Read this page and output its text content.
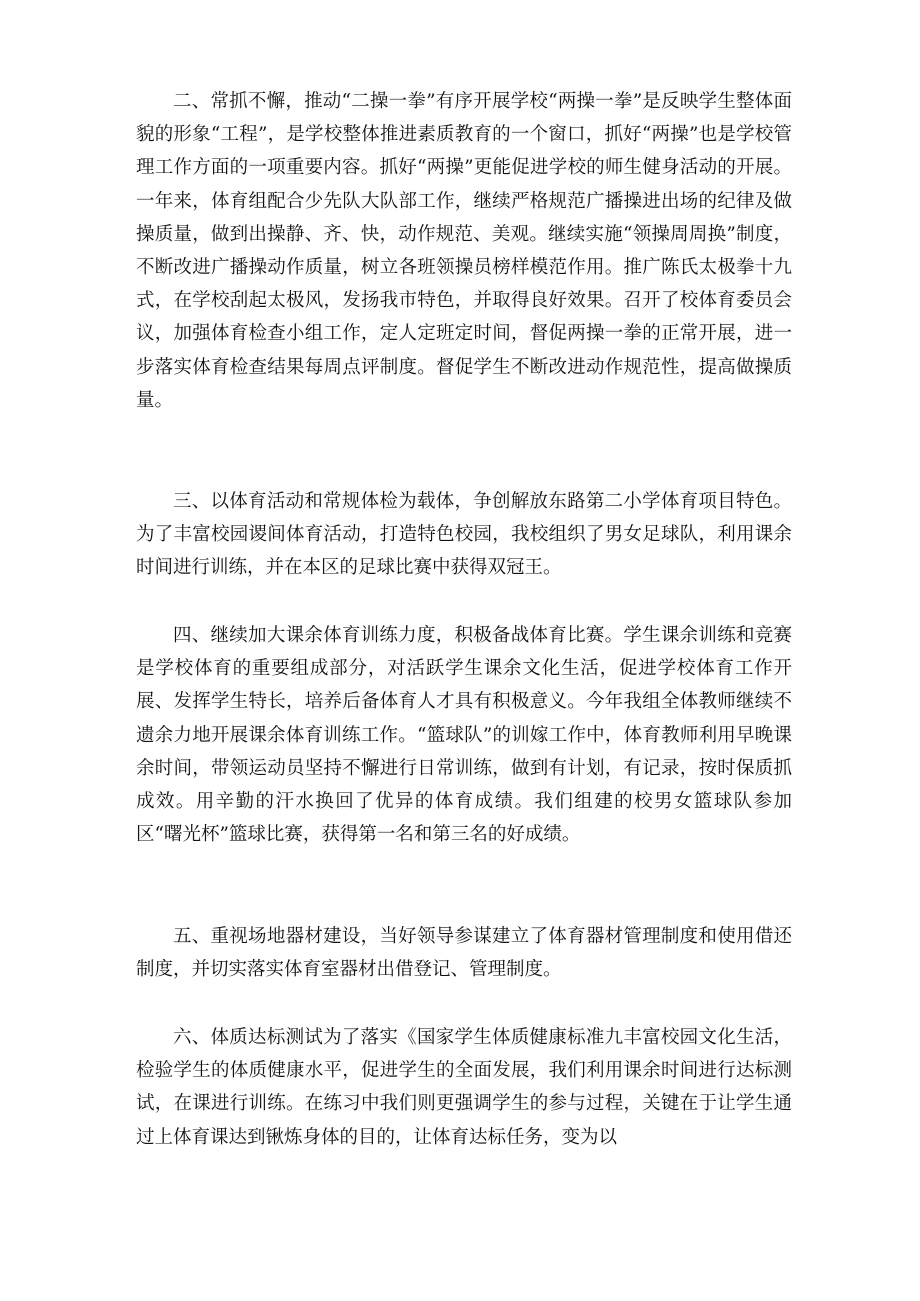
二、常抓不懈，推动“二操一拳”有序开展学校“两操一拳”是反映学生整体面貌的形象“工程”，是学校整体推进素质教育的一个窗口，抓好“两操”也是学校管理工作方面的一项重要内容。抓好“两操”更能促进学校的师生健身活动的开展。一年来，体育组配合少先队大队部工作，继续严格规范广播操进出场的纪律及做操质量，做到出操静、齐、快，动作规范、美观。继续实施“领操周周换”制度，不断改进广播操动作质量，树立各班领操员榜样模范作用。推广陈氏太极拳十九式，在学校刮起太极风，发扬我市特色，并取得良好效果。召开了校体育委员会议，加强体育检查小组工作，定人定班定时间，督促两操一拳的正常开展，进一步落实体育检查结果每周点评制度。督促学生不断改进动作规范性，提高做操质量。

三、以体育活动和常规体检为载体，争创解放东路第二小学体育项目特色。为了丰富校园谡间体育活动，打造特色校园，我校组织了男女足球队，利用课余时间进行训练，并在本区的足球比赛中获得双冠王。

四、继续加大课余体育训练力度，积极备战体育比赛。学生课余训练和竞赛是学校体育的重要组成部分，对活跃学生课余文化生活，促进学校体育工作开展、发挥学生特长，培养后备体育人才具有积极意义。今年我组全体教师继续不遗余力地开展课余体育训练工作。“篮球队”的训嫁工作中，体育教师利用早晚课余时间，带领运动员坚持不懈进行日常训练，做到有计划，有记录，按时保质抓成效。用辛勤的汗水换回了优异的体育成绩。我们组建的校男女篮球队参加区“曙光杯”篮球比赛，获得第一名和第三名的好成绩。

五、重视场地器材建设，当好领导参谋建立了体育器材管理制度和使用借还制度，并切实落实体育室器材出借登记、管理制度。

六、体质达标测试为了落实《国家学生体质健康标准九丰富校园文化生活，检验学生的体质健康水平，促进学生的全面发展，我们利用课余时间进行达标测试，在课进行训练。在练习中我们则更强调学生的参与过程，关键在于让学生通过上体育课达到锹炼身体的目的，让体育达标任务，变为以
